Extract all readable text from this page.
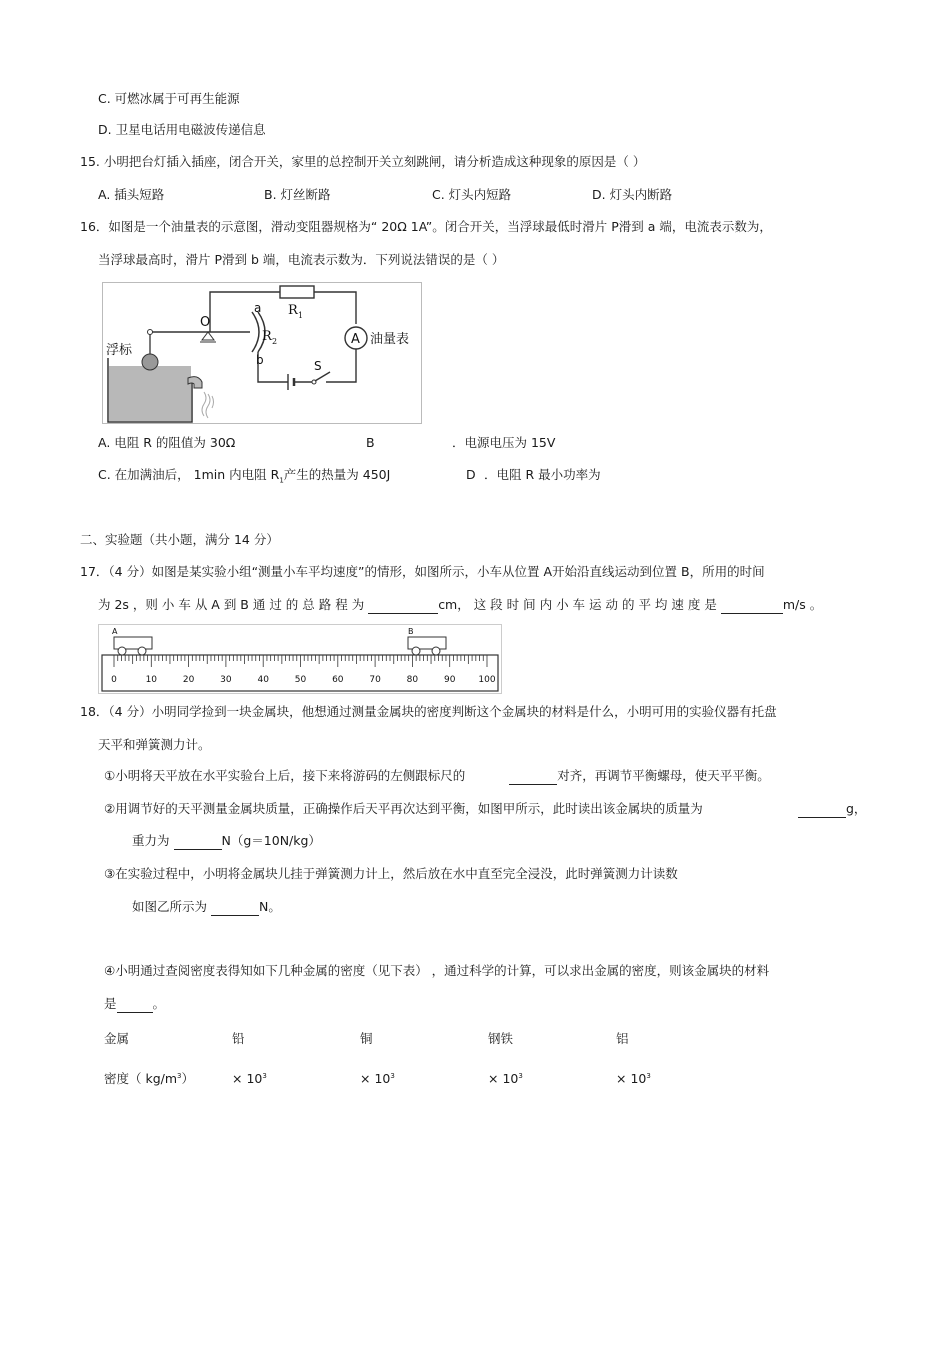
C. 可燃冰属于可再生能源
D. 卫星电话用电磁波传递信息
15. 小明把台灯插入插座，闭合开关，家里的总控制开关立刻跳闸，请分析造成这种现象的原因是（ ）
A. 插头短路	B. 灯丝断路	C. 灯头内短路	D. 灯头内断路
16．如图是一个油量表的示意图，滑动变阻器规格为“ 20Ω 1A”。闭合开关，当浮球最低时滑片 P滑到 a 端，电流表示数为，
当浮球最高时，滑片 P滑到 b 端，电流表示数为．下列说法错误的是（ ）
浮标
O
a
b
R 1
R 2	A 油量表
S
A. 电阻 R 的阻值为 30Ω	B	．电源电压为 15V
C. 在加满油后， 1min 内电阻 $R_1$产生的热量为 450J	D ．电阻 R 最小功率为
二、实验题（共小题，满分 14 分）
17．（4 分）如图是某实验小组“测量小车平均速度”的情形，如图所示，小车从位置 A开始沿直线运动到位置 B，所用的时间
为 2s ，则 小 车 从 A 到 B 通 过 的 总 路 程 为	cm， 这 段 时 间 内 小 车 运 动 的 平 均 速 度 是	m/s 。
0	10	20	30	40	50	60	70	80	90	100
A	B
18．（4 分）小明同学捡到一块金属块，他想通过测量金属块的密度判断这个金属块的材料是什么，小明可用的实验仪器有托盘
天平和弹簧测力计。
①小明将天平放在水平实验台上后，接下来将游码的左侧跟标尺的	对齐，再调节平衡螺母，使天平平衡。
②用调节好的天平测量金属块质量，正确操作后天平再次达到平衡，如图甲所示，此时读出该金属块的质量为	g，
重力为	N（g＝10N/kg）
③在实验过程中，小明将金属块儿挂于弹簧测力计上，然后放在水中直至完全浸没，此时弹簧测力计读数
如图乙所示为	N。
④小明通过查阅密度表得知如下几种金属的密度（见下表） ，通过科学的计算，可以求出金属的密度，则该金属块的材料
是	。
金属	铅	铜	钢铁	铝
密度（ $kg/m^3$）	× $10^3$	× $10^3$	× $10^3$	× $10^3$
